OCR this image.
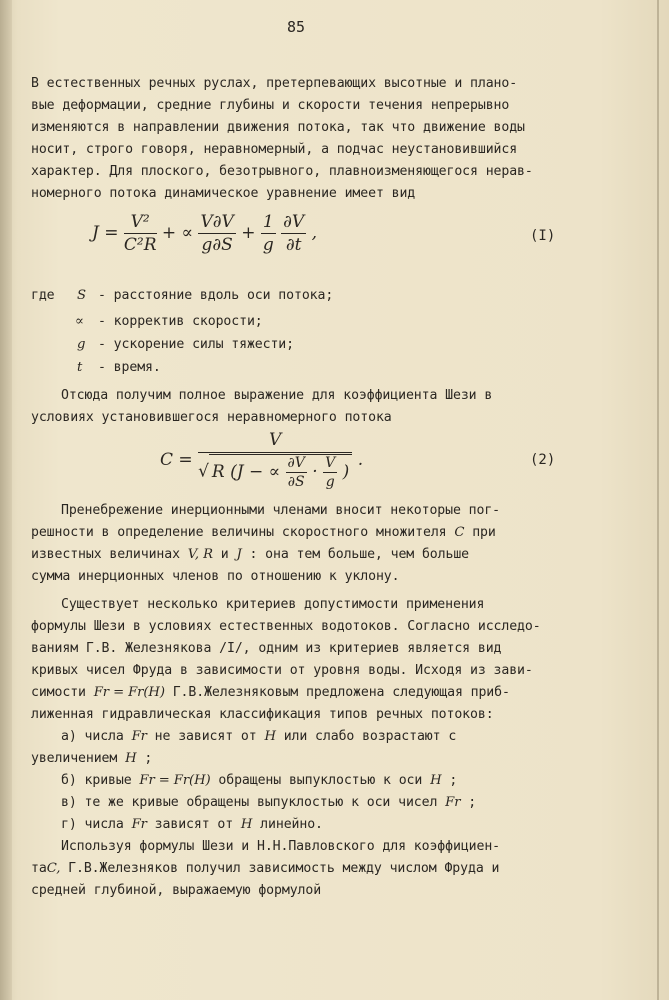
85
В естественных речных руслах, претерпевающих высотные и плано-
вые деформации, средние глубины и скорости течения непрерывно
изменяются в направлении движения потока, так что движение воды
носит, строго говоря, неравномерный, а подчас неустановившийся
характер. Для плоского, безотрывного, плавноизменяющегося нерав-
номерного потока динамическое уравнение имеет вид
$J = \frac{\text{V²}}{\text{C²R}}$ + ∝ $\frac{V\partial V}{g\partial S} + \frac{1}{g}$
$\frac{\partial V}{\partial t}$ ,	(I)
где S - расстояние вдоль оси потока;
∝ - корректив скорости;
g - ускорение силы тяжести;
t - время.
Отсюда получим полное выражение для коэффициента Шези в
условиях установившегося неравномерного потока
C =
V
√ R (J − ∝ $\frac{\partial V}{\partial S} \cdot \frac{V}{g}$ )
.	(2)
Пренебрежение инерционными членами вносит некоторые пог-
решности в определение величины скоростного множителя C при
известных величинах V, R и J : она тем больше, чем больше
сумма инерционных членов по отношению к уклону.
Существует несколько критериев допустимости применения
формулы Шези в условиях естественных водотоков. Согласно исследо-
ваниям Г.В. Железнякова /I/, одним из критериев является вид
кривых чисел Фруда в зависимости от уровня воды. Исходя из зави-
симости Fr = Fr(H) Г.В.Железняковым предложена следующая приб-
лиженная гидравлическая классификация типов речных потоков:
а) числа Fr не зависят от H или слабо возрастают с
увеличением H ;
б) кривые Fr = Fr(H) обращены выпуклостью к оси H ;
в) те же кривые обращены выпуклостью к оси чисел Fr ;
г) числа Fr зависят от H линейно.
Используя формулы Шези и Н.Н.Павловского для коэффициен-
таC, Г.В.Железняков получил зависимость между числом Фруда и
средней глубиной, выражаемую формулой
